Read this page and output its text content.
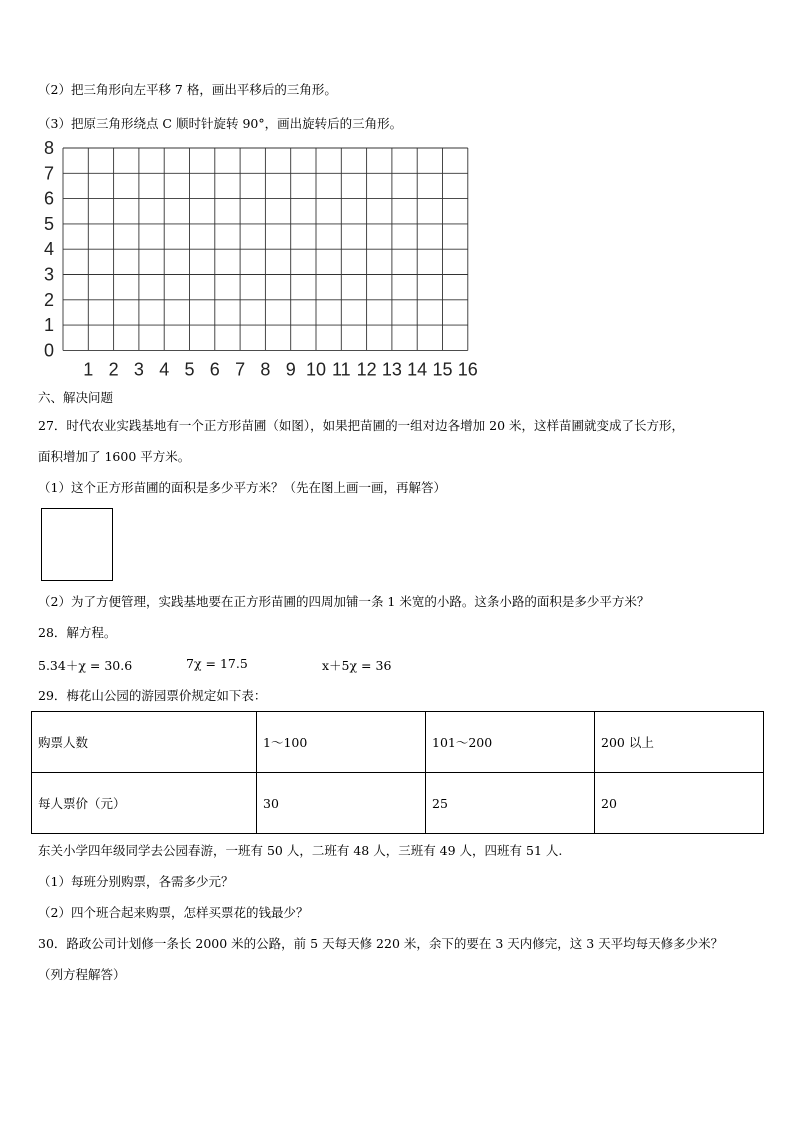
（2）把三角形向左平移 7 格，画出平移后的三角形。
（3）把原三角形绕点 C 顺时针旋转 90°，画出旋转后的三角形。
0
1
2
3
4
5
6
7
8
1 2 3 4 5 6 7 8 9 10 11 12 13 14 15 16
六、解决问题
27．时代农业实践基地有一个正方形苗圃（如图），如果把苗圃的一组对边各增加 20 米，这样苗圃就变成了长方形，
面积增加了 1600 平方米。
（1）这个正方形苗圃的面积是多少平方米？（先在图上画一画，再解答）
（2）为了方便管理，实践基地要在正方形苗圃的四周加铺一条 1 米宽的小路。这条小路的面积是多少平方米？
28．解方程。
5.34＋χ = 30.6	7χ = 17.5	x＋5χ = 36
29．梅花山公园的游园票价规定如下表：
购票人数	1～100	101～200	200 以上
每人票价（元）	30	25	20
东关小学四年级同学去公园春游，一班有 50 人，二班有 48 人，三班有 49 人，四班有 51 人.
（1）每班分别购票，各需多少元？
（2）四个班合起来购票，怎样买票花的钱最少？
30．路政公司计划修一条长 2000 米的公路，前 5 天每天修 220 米，余下的要在 3 天内修完，这 3 天平均每天修多少米？
（列方程解答）
